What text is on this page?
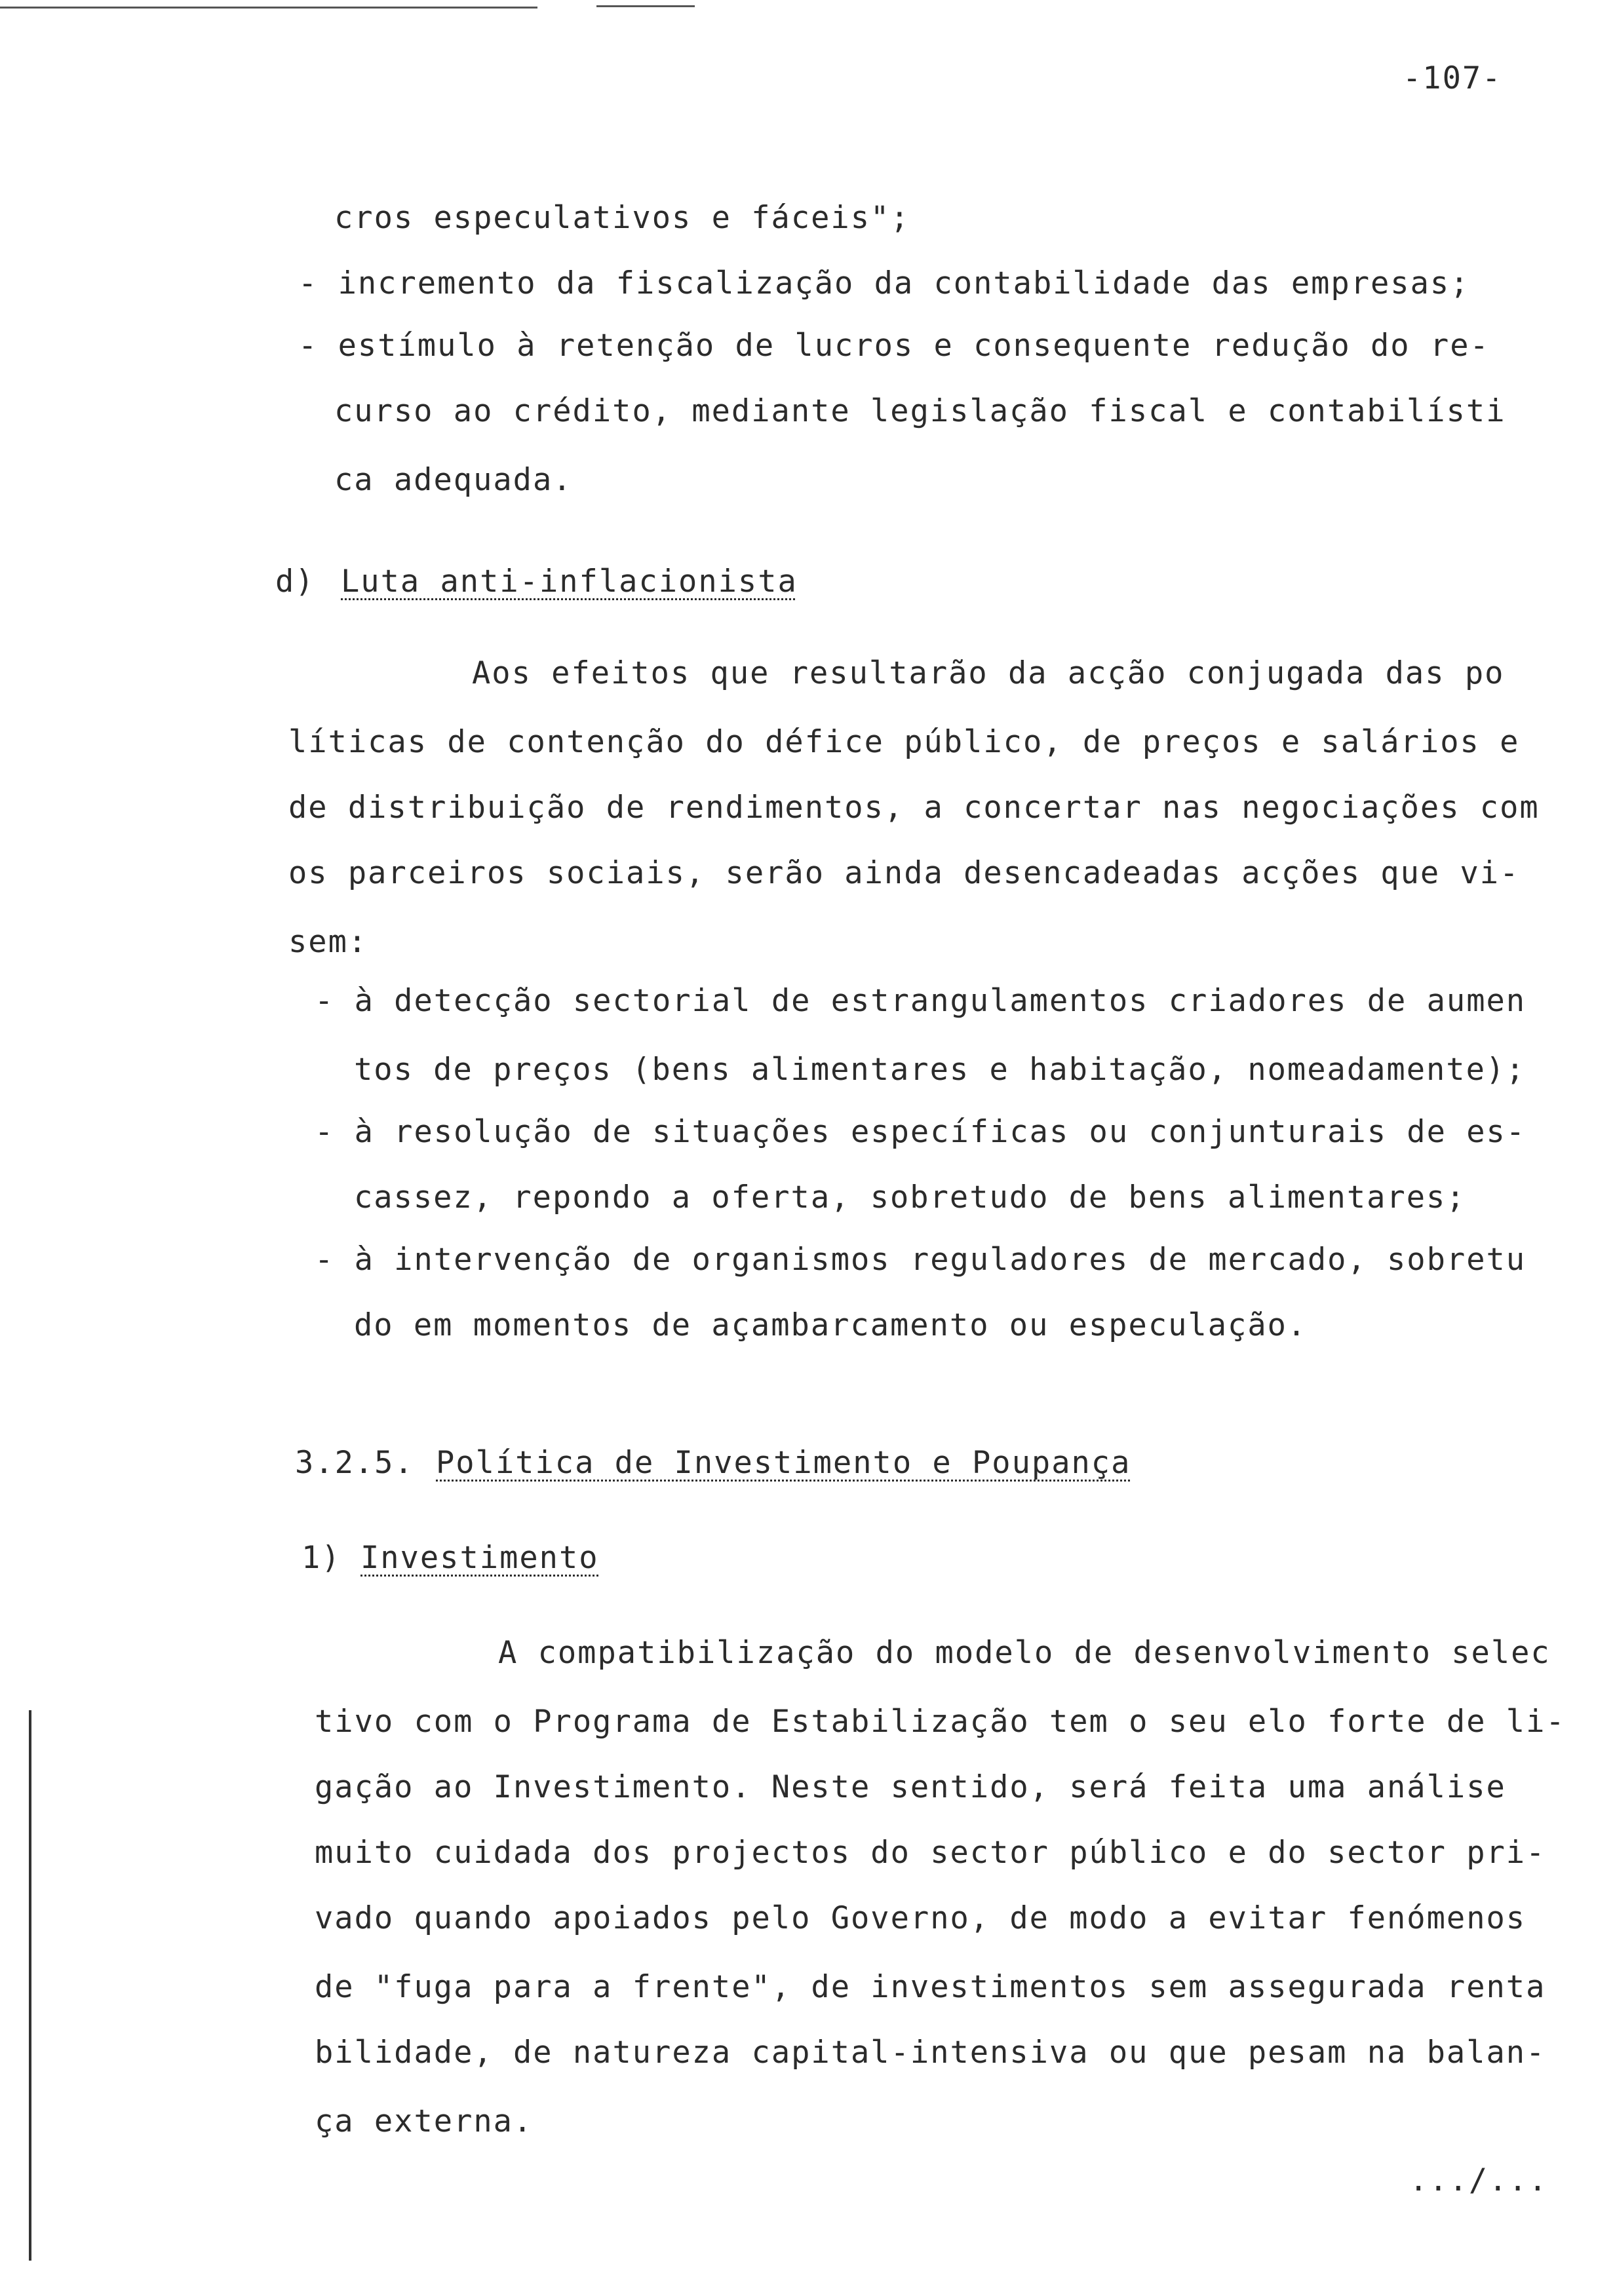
-107-
cros especulativos e fáceis";
- incremento da fiscalização da contabilidade das empresas;
- estímulo à retenção de lucros e consequente redução do re-
curso ao crédito, mediante legislação fiscal e contabilísti
ca adequada.
d) Luta anti-inflacionista
Aos efeitos que resultarão da acção conjugada das po
líticas de contenção do défice público, de preços e salários e
de distribuição de rendimentos, a concertar nas negociações com
os parceiros sociais, serão ainda desencadeadas acções que vi-
sem:
- à detecção sectorial de estrangulamentos criadores de aumen
tos de preços (bens alimentares e habitação, nomeadamente);
- à resolução de situações específicas ou conjunturais de es-
cassez, repondo a oferta, sobretudo de bens alimentares;
- à intervenção de organismos reguladores de mercado, sobretu
do em momentos de açambarcamento ou especulação.
3.2.5. Política de Investimento e Poupança
1) Investimento
A compatibilização do modelo de desenvolvimento selec
tivo com o Programa de Estabilização tem o seu elo forte de li-
gação ao Investimento. Neste sentido, será feita uma análise
muito cuidada dos projectos do sector público e do sector pri-
vado quando apoiados pelo Governo, de modo a evitar fenómenos
de "fuga para a frente", de investimentos sem assegurada renta
bilidade, de natureza capital-intensiva ou que pesam na balan-
ça externa.
.../...
